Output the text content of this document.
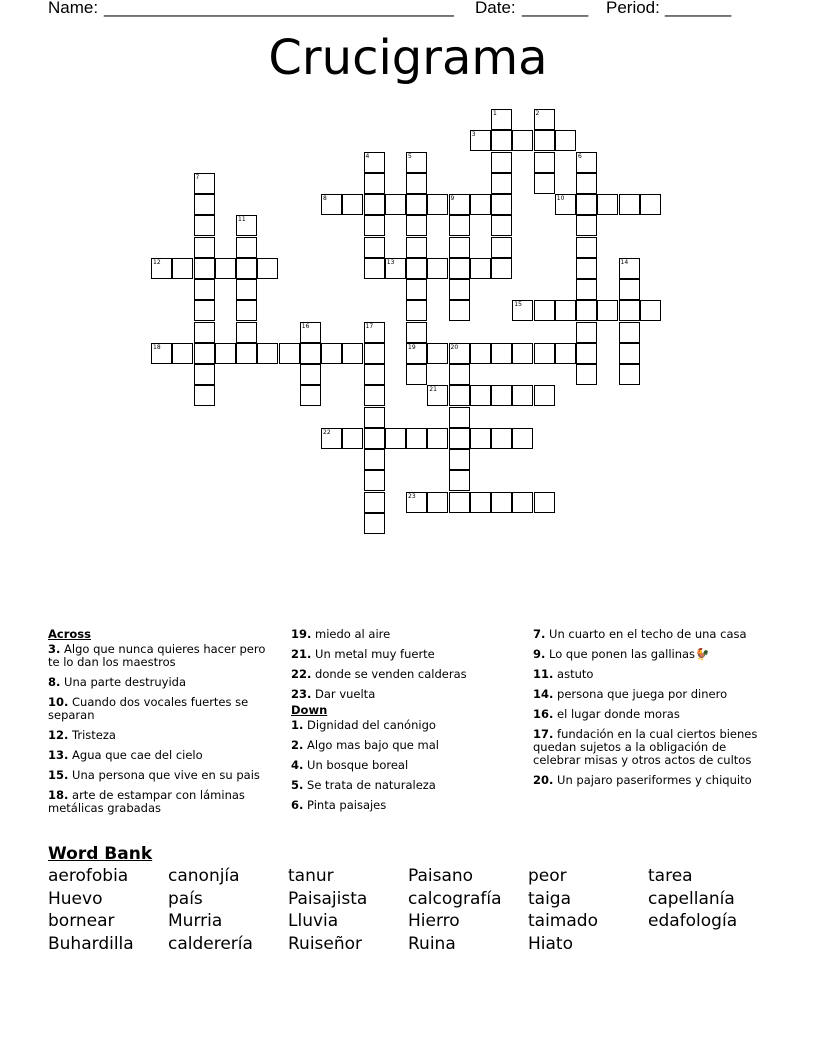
Name: _____________________________________ Date: _______ Period: _______
Crucigrama
1	2
3
4	5	6
7
8	9	10
11
12	13	14
15
16	17
18	19	20
21
22
23
Across
3. Algo que nunca quieres hacer pero te lo dan los maestros
8. Una parte destruyida
10. Cuando dos vocales fuertes se separan
12. Tristeza
13. Agua que cae del cielo
15. Una persona que vive en su pais
18. arte de estampar con láminas metálicas grabadas
19. miedo al aire
21. Un metal muy fuerte
22. donde se venden calderas
23. Dar vuelta
Down
1. Dignidad del canónigo
2. Algo mas bajo que mal
4. Un bosque boreal
5. Se trata de naturaleza
6. Pinta paisajes
7. Un cuarto en el techo de una casa
9. Lo que ponen las gallinas🐓
11. astuto
14. persona que juega por dinero
16. el lugar donde moras
17. fundación en la cual ciertos bienes quedan sujetos a la obligación de celebrar misas y otros actos de cultos
20. Un pajaro paseriformes y chiquito
Word Bank
aerofobia	canonjía	tanur	Paisano	peor	tarea
Huevo	país	Paisajista	calcografía	taiga	capellanía
bornear	Murria	Lluvia	Hierro	taimado	edafología
Buhardilla	calderería	Ruiseñor	Ruina	Hiato
